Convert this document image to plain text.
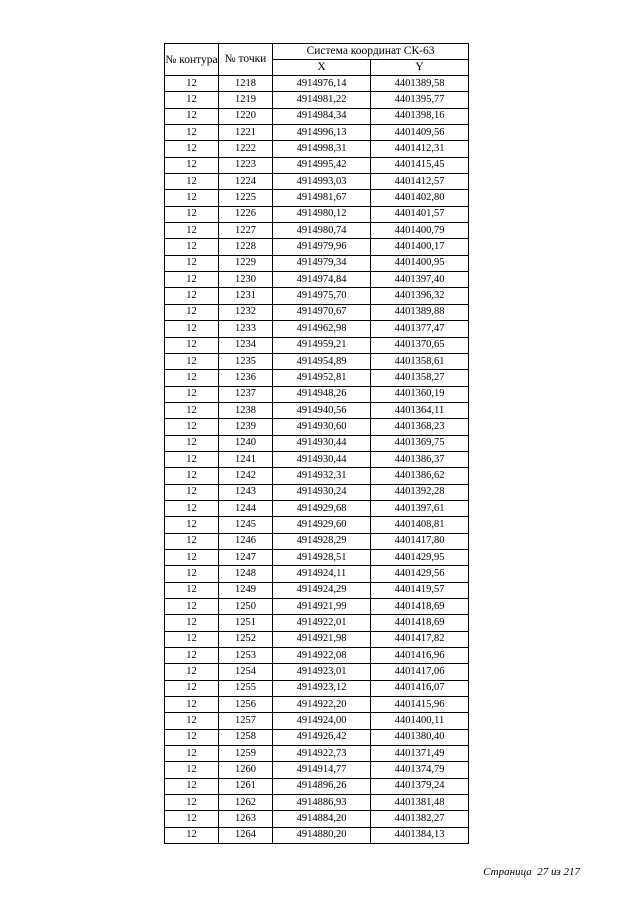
№ контура	№ точки	Система координат СК-63	
		X	Y
12	1218	4914976,14	4401389,58
12	1219	4914981,22	4401395,77
12	1220	4914984,34	4401398,16
12	1221	4914996,13	4401409,56
12	1222	4914998,31	4401412,31
12	1223	4914995,42	4401415,45
12	1224	4914993,03	4401412,57
12	1225	4914981,67	4401402,80
12	1226	4914980,12	4401401,57
12	1227	4914980,74	4401400,79
12	1228	4914979,96	4401400,17
12	1229	4914979,34	4401400,95
12	1230	4914974,84	4401397,40
12	1231	4914975,70	4401396,32
12	1232	4914970,67	4401389,88
12	1233	4914962,98	4401377,47
12	1234	4914959,21	4401370,65
12	1235	4914954,89	4401358,61
12	1236	4914952,81	4401358,27
12	1237	4914948,26	4401360,19
12	1238	4914940,56	4401364,11
12	1239	4914930,60	4401368,23
12	1240	4914930,44	4401369,75
12	1241	4914930,44	4401386,37
12	1242	4914932,31	4401386,62
12	1243	4914930,24	4401392,28
12	1244	4914929,68	4401397,61
12	1245	4914929,60	4401408,81
12	1246	4914928,29	4401417,80
12	1247	4914928,51	4401429,95
12	1248	4914924,11	4401429,56
12	1249	4914924,29	4401419,57
12	1250	4914921,99	4401418,69
12	1251	4914922,01	4401418,69
12	1252	4914921,98	4401417,82
12	1253	4914922,08	4401416,96
12	1254	4914923,01	4401417,06
12	1255	4914923,12	4401416,07
12	1256	4914922,20	4401415,96
12	1257	4914924,00	4401400,11
12	1258	4914926,42	4401380,40
12	1259	4914922,73	4401371,49
12	1260	4914914,77	4401374,79
12	1261	4914896,26	4401379,24
12	1262	4914886,93	4401381,48
12	1263	4914884,20	4401382,27
12	1264	4914880,20	4401384,13
Страница 27 из 217
